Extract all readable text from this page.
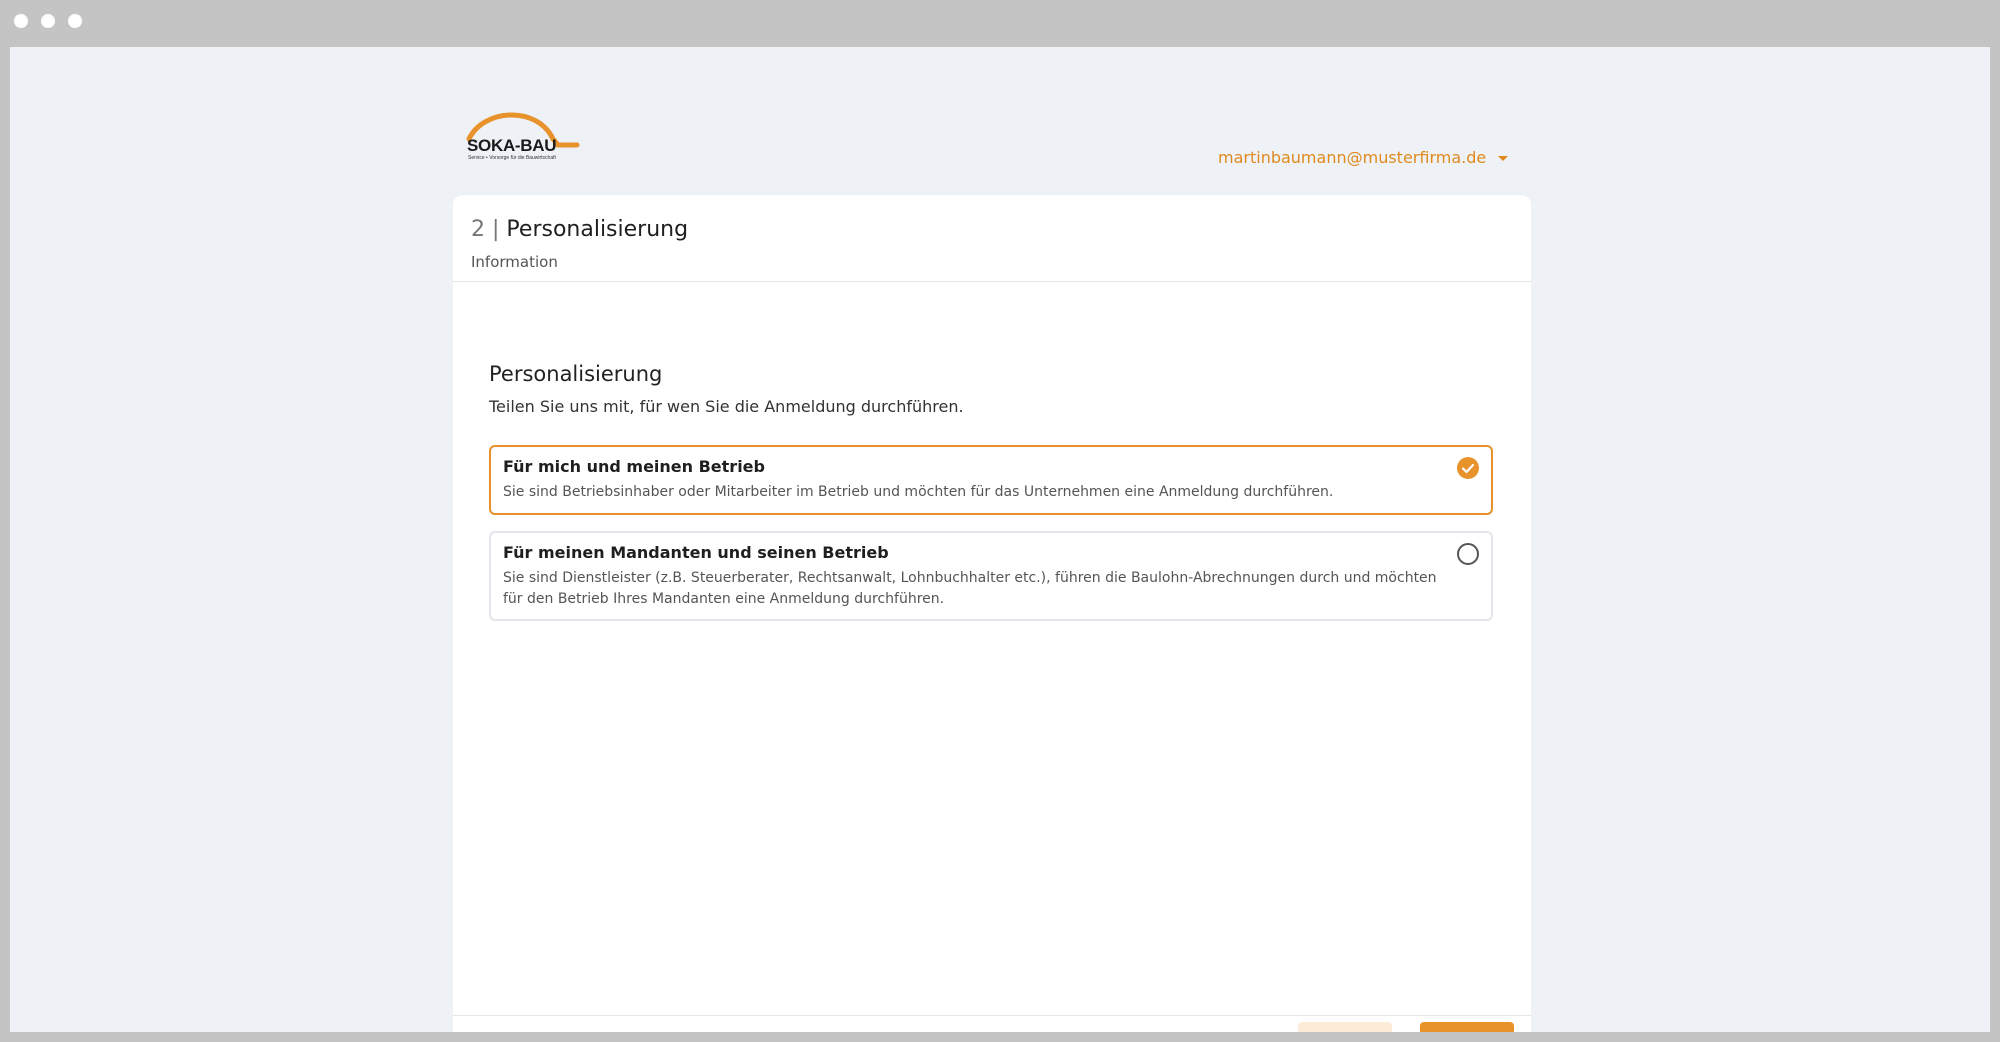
SOKA-BAU
Service • Vorsorge für die Bauwirtschaft	martinbaumann@musterfirma.de
2 | Personalisierung
Information
Personalisierung
Teilen Sie uns mit, für wen Sie die Anmeldung durchführen.
Für mich und meinen Betrieb
Sie sind Betriebsinhaber oder Mitarbeiter im Betrieb und möchten für das Unternehmen eine Anmeldung durchführen.
Für meinen Mandanten und seinen Betrieb
Sie sind Dienstleister (z.B. Steuerberater, Rechtsanwalt, Lohnbuchhalter etc.), führen die Baulohn-Abrechnungen durch und möchten für den Betrieb Ihres Mandanten eine Anmeldung durchführen.
